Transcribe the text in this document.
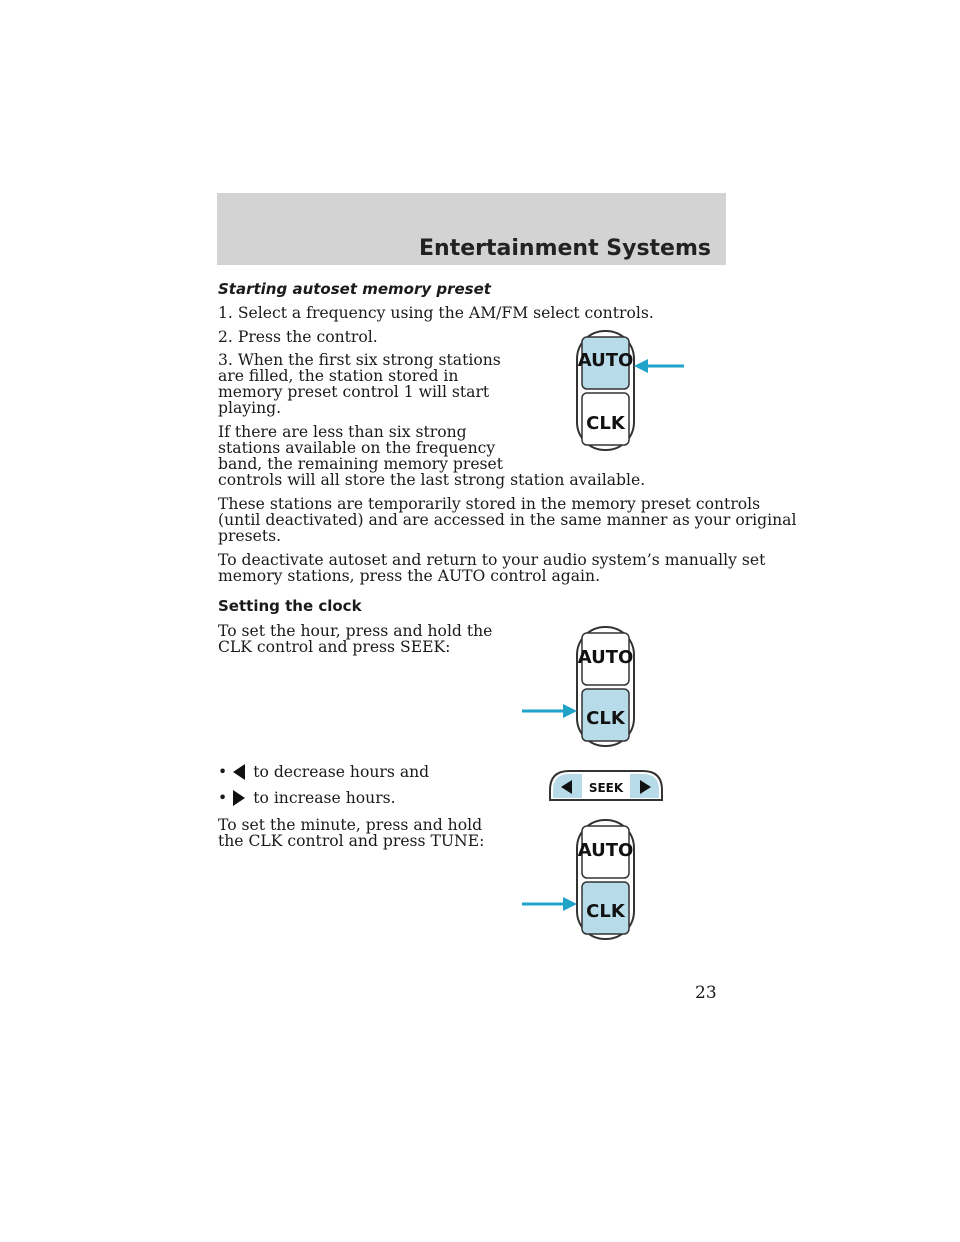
Entertainment Systems

Starting autoset memory preset

1. Select a frequency using the AM/FM select controls.

2. Press the control.

3. When the first six strong stations

are filled, the station stored in

memory preset control 1 will start

playing.

If there are less than six strong

stations available on the frequency

band, the remaining memory preset

controls will all store the last strong station available.

These stations are temporarily stored in the memory preset controls

(until deactivated) and are accessed in the same manner as your original

presets.

To deactivate autoset and return to your audio system’s manually set

memory stations, press the AUTO control again.

Setting the clock

To set the hour, press and hold the

CLK control and press SEEK:

• to decrease hours and
• to increase hours.

To set the minute, press and hold

the CLK control and press TUNE:

AUTO
CLK
AUTO
CLK
SEEK
AUTO
CLK

23
